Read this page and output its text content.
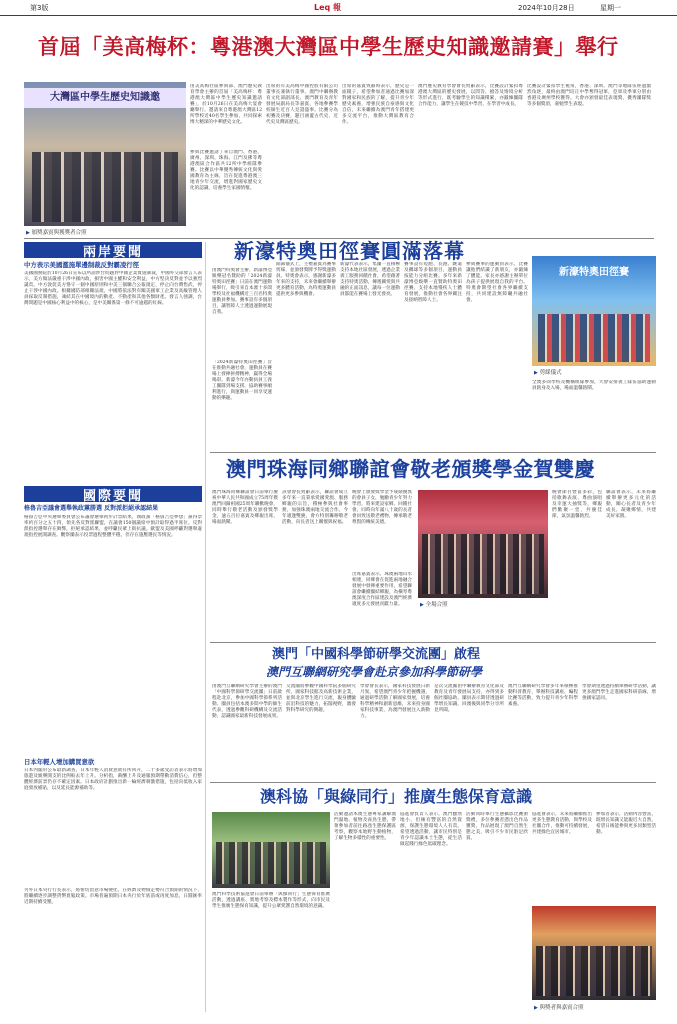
第3版	Leq 報	2024年10月28日	星期一
首屆「美高梅杯：粵港澳大灣區中學生歷史知識邀請賽」舉行
大灣區中學生歷史知識邀
▶ 頒獎嘉賓與獲獎者合照
由美高梅社區參與部、澳門歷史教育學會主辦的首屆「美高梅杯：粵港澳大灣區中學生歷史知識邀請賽」，於10月26日在美高梅大宴會廳舉行。邀請來自粵港澳大灣區12所學校近40名學生參加，共同探索博大精深的中華歷史文化。
參與比賽邀請了來自澳門、香港、廣州、深圳、珠海、江門及佛等粵港澳區合作區共12所中學組隊參賽。比賽以中華優秀傳統文化與愛國教育為主線，旨在促進粵港澳三地青少年交流，增進對國家歷史文化的認識，培養學生家國情懷。
出席的有美高梅中國控股有限公司董事長兼執行董事、澳門中聯辦教育文化部副部長、澳門教育及青年發展局副局長等嘉賓，各地參賽學校師生近百人見證盛事。比賽分為初賽及決賽，題目涵蓋古代史、近代史及灣區歷史。
出席的嘉賓致辭時表示，歷史是一面鏡子，希望參加者通過比賽加深對國家和民族的了解，提升青少年歷史素養，增強民族自豪感與文化自信，未來繼續為澳門青年搭建更多交流平台，推動大灣區教育合作。
澳門歷史教育學會會長致辭表示，比賽設計緊扣粵港澳大灣區的歷史發展，以問答、搶答及情境分析等形式進行，既考驗學生的知識積累，亦鍛煉團隊合作能力，讓學生在競技中學習，在學習中成長。
比賽設計緊扣學生視角，香港、深圳、澳門等地隊伍經過激烈角逐，最終由澳門培正中學奪得冠軍，亞軍及季軍分別由香港及廣州學校獲得。大會亦頒發最佳表現獎、優秀團隊獎等多個獎項，嘉勉學生表現。
兩岸要聞
中方表示美國濫施單邊制裁反對霸凌行徑
美國國務院於10月26日宣布以所謂涉台問題對中國企業實施制裁，中國外交部發言人表示，美方做法嚴重干涉中國內政，損害中國主權和安全利益，中方堅決反對並予以強烈譴責。中方敦促美方恪守一個中國原則和中美三個聯合公報規定，停止向台灣售武，停止干涉中國內政。根據國防部相關法規，中國將依法對有關美國軍工企業及高級管理人員採取反制措施，凍結其在中國境內的動產、不動產和其他各類財產。發言人強調，台灣問題是中國核心利益中的核心，是中美關係第一條不可逾越的紅線。
國際要聞
格魯吉亞議會選舉執政黨勝選 反對派拒絕承認結果
格魯吉亞中央選舉委員會公布議會選舉初步計票結果，執政黨「格魯吉亞夢想」黨得票率約百分之五十四，領先各反對派聯盟，在議會150個議席中預計取得過半席位。反對派指控選舉存在舞弊，拒絕承認結果，並呼籲民眾上街抗議。歐盟及美國呼籲對選舉違規指控展開調查。觀察團表示投票過程整體平穩，但存在施壓選民等情況。
日本年輕人增加購買意欲
日本內閣府公布最新調查，日本年輕人消費意欲有所回升，二十多歲受訪者表示將增加旅遊及娛樂開支的比例較去年上升。分析指，薪酬上升及通脹預期帶動消費信心，但整體經濟前景仍存不確定因素。日本政府計劃推出新一輪經濟刺激措施，包括向低收入家庭發放補貼，以及延長能源補助等。
另外日本央行行長表示，將密切留意市場變化，在經濟及物價走勢符合預期的情況下，將繼續逐步調整貨幣寬鬆政策。市場普遍預期日本央行於年底前或再度加息，日圓匯率近期持續受壓。
新濠特奧田徑賽圓滿落幕
由澳門特奧會主辦、新濠博亞娛樂冠名贊助的「2024新濠特奧田徑賽」日前在澳門運動場舉行，吸引來自本澳十多間學校及社福機構近三百名特奧運動員參加。賽事設有多個項目，讓智障人士透過運動展現自我。
「2024新濠特奧田徑賽」旨在推動共融社會，運動員在賽場上發揮拼搏精神，贏得全場喝彩。新濠今年亦動員員工義工團隊到場支援，協助賽事順利進行，與運動員一同享受運動的樂趣。
開幕儀式上，主禮嘉賓為賽事剪綵，並頒發獎牌予得獎運動員。特奧會表示，感謝新濠多年來的支持，未來會繼續舉辦更多體育活動，為特奧運動員提供更多參與機會。
新濠代表表示，集團一直積極支持本地社區發展，透過企業義工服務回饋社會，希望藉著支持特奧活動，傳遞關愛與共融的正面訊息，讓每一位運動員都能在賽場上發光發亮。
賽事設有短跑、長跑、跳遠及擲球等多個項目，運動員按能力分組比賽。多年來新濠博亞娛樂一直贊助特奧田徑賽，支持本地殘疾人士體育發展，推動社會各界關注及接納智障人士。
參與賽事的運動員表示，比賽讓他們結識了新朋友，亦鍛煉了體能。家長亦感謝主辦單位為孩子提供展現自我的平台。特奧會期望社會各界繼續支持，共同建設無障礙共融社會。
新濠特奧田徑賽
▶ 剪綵儀式
全澳多間學校及機構組隊參加，大會安排義工隊伍協助運動員熱身及入場，場面溫馨熱鬧。
澳門珠海同鄉聯誼會敬老頒獎學金賀雙慶
澳門珠海同鄉聯誼會日前舉行慶祝中華人民共和國成立75周年暨澳門回歸祖國25周年聯歡晚會，同時舉行敬老活動及頒發獎學金，逾五百位嘉賓及鄉親出席，場面熱鬧。
該會會長致辭表示，聯誼會成立多年來一直秉承愛國愛澳、服務鄉親的宗旨，積極參與社會事務，加強珠澳兩地交流合作。今年適逢雙慶，會方特別籌辦敬老活動，向長者送上關懷與祝福。
晚會上頒發獎學金予成績優異的會員子女，勉勵青少年努力學習，將來建設家鄉、回饋社會。同時向年滿八十歲的長者會員致送敬老禮物，傳承敬老尊賢的傳統美德。
出席嘉賓表示，珠澳兩地山水相連，同鄉會在促進兩地融合發展中發揮重要作用，希望聯誼會繼續團結鄉親，為橫琴粵澳深度合作區建設及澳門經濟適度多元發展貢獻力量。	▶ 全場合照
晚會節目豐富多彩，包括歌舞表演、粵曲演唱及幸運大抽獎等，鄉親們歡聚一堂，共慶佳節，氣氛溫馨熱烈。
聯誼會表示，未來將繼續舉辦更多元化的活動，關心長者及青少年成長，凝聚鄉情，共建美好家園。
澳門「中國科學節研學交流團」啟程
澳門互聯網研究學會赴京參加科學節研學
由澳門互聯網研究學會主辦的澳門「中國科學節研學交流團」日前啟程赴北京，參加中國科學節系列活動。團員包括本澳多間中學的師生代表，透過參觀科研機構及交流活動，認識國家最新科技發展成果。
交流團將參觀中國科學院多個研究所、國家科技館及高新技術企業，並與北京學生進行交流，親身體驗前沿科技的魅力，拓闊視野，激發對科學研究的興趣。
學會會長表示，國家科技發展日新月異，希望澳門青少年把握機遇，通過研學活動了解國家發展，培養科學精神和創新思維，未來投身國家科技事業，為澳門發展注入新動力。
是次交流團由中聯辦教育文化部及教育及青年發展局支持，亦得到多個社團協助。團員表示期待透過研學增長知識，回澳後與同學分享所見所聞。
澳門互聯網研究學會多年來積極推動科普教育，舉辦科技講座、編程比賽等活動，致力提升青少年科學素養。
學會期望透過持續舉辦研學活動，讓更多澳門學生走進國家科研前線，增強國家認同。
澳科協「與綠同行」推廣生態保育意識
澳門科學技術協進會日前舉辦「與綠同行」生態保育推廣活動，透過講座、實地考察及標本製作等形式，向市民及學生推廣生態保育知識，提升公眾愛護自然環境的意識。
活動邀請本澳生態專家講解澳門濕地、植物及雀鳥生態，帶領參加者前往路氹生態保護區考察，觀察本地野生動植物，了解生物多樣性的重要性。
協進會負責人表示，澳門雖然地小，但擁有豐富的自然資源，保護生態環境人人有責。希望透過活動，讓市民特別是青少年認識本土生態，從生活做起踐行綠色低碳理念。
活動同時舉行生態攝影比賽頒獎禮，多位參賽者憑出色作品獲獎，作品展現了澳門自然生態之美，吸引不少市民駐足欣賞。
協進會表示，未來將繼續推出更多生態教育活動，與學校及社團合作，推動可持續發展，共建綠色宜居城市。
參加者表示，活動內容豐富，既增長知識又能親近大自然，希望日後能參與更多同類型活動。
▶ 與獎者與嘉賓合照
